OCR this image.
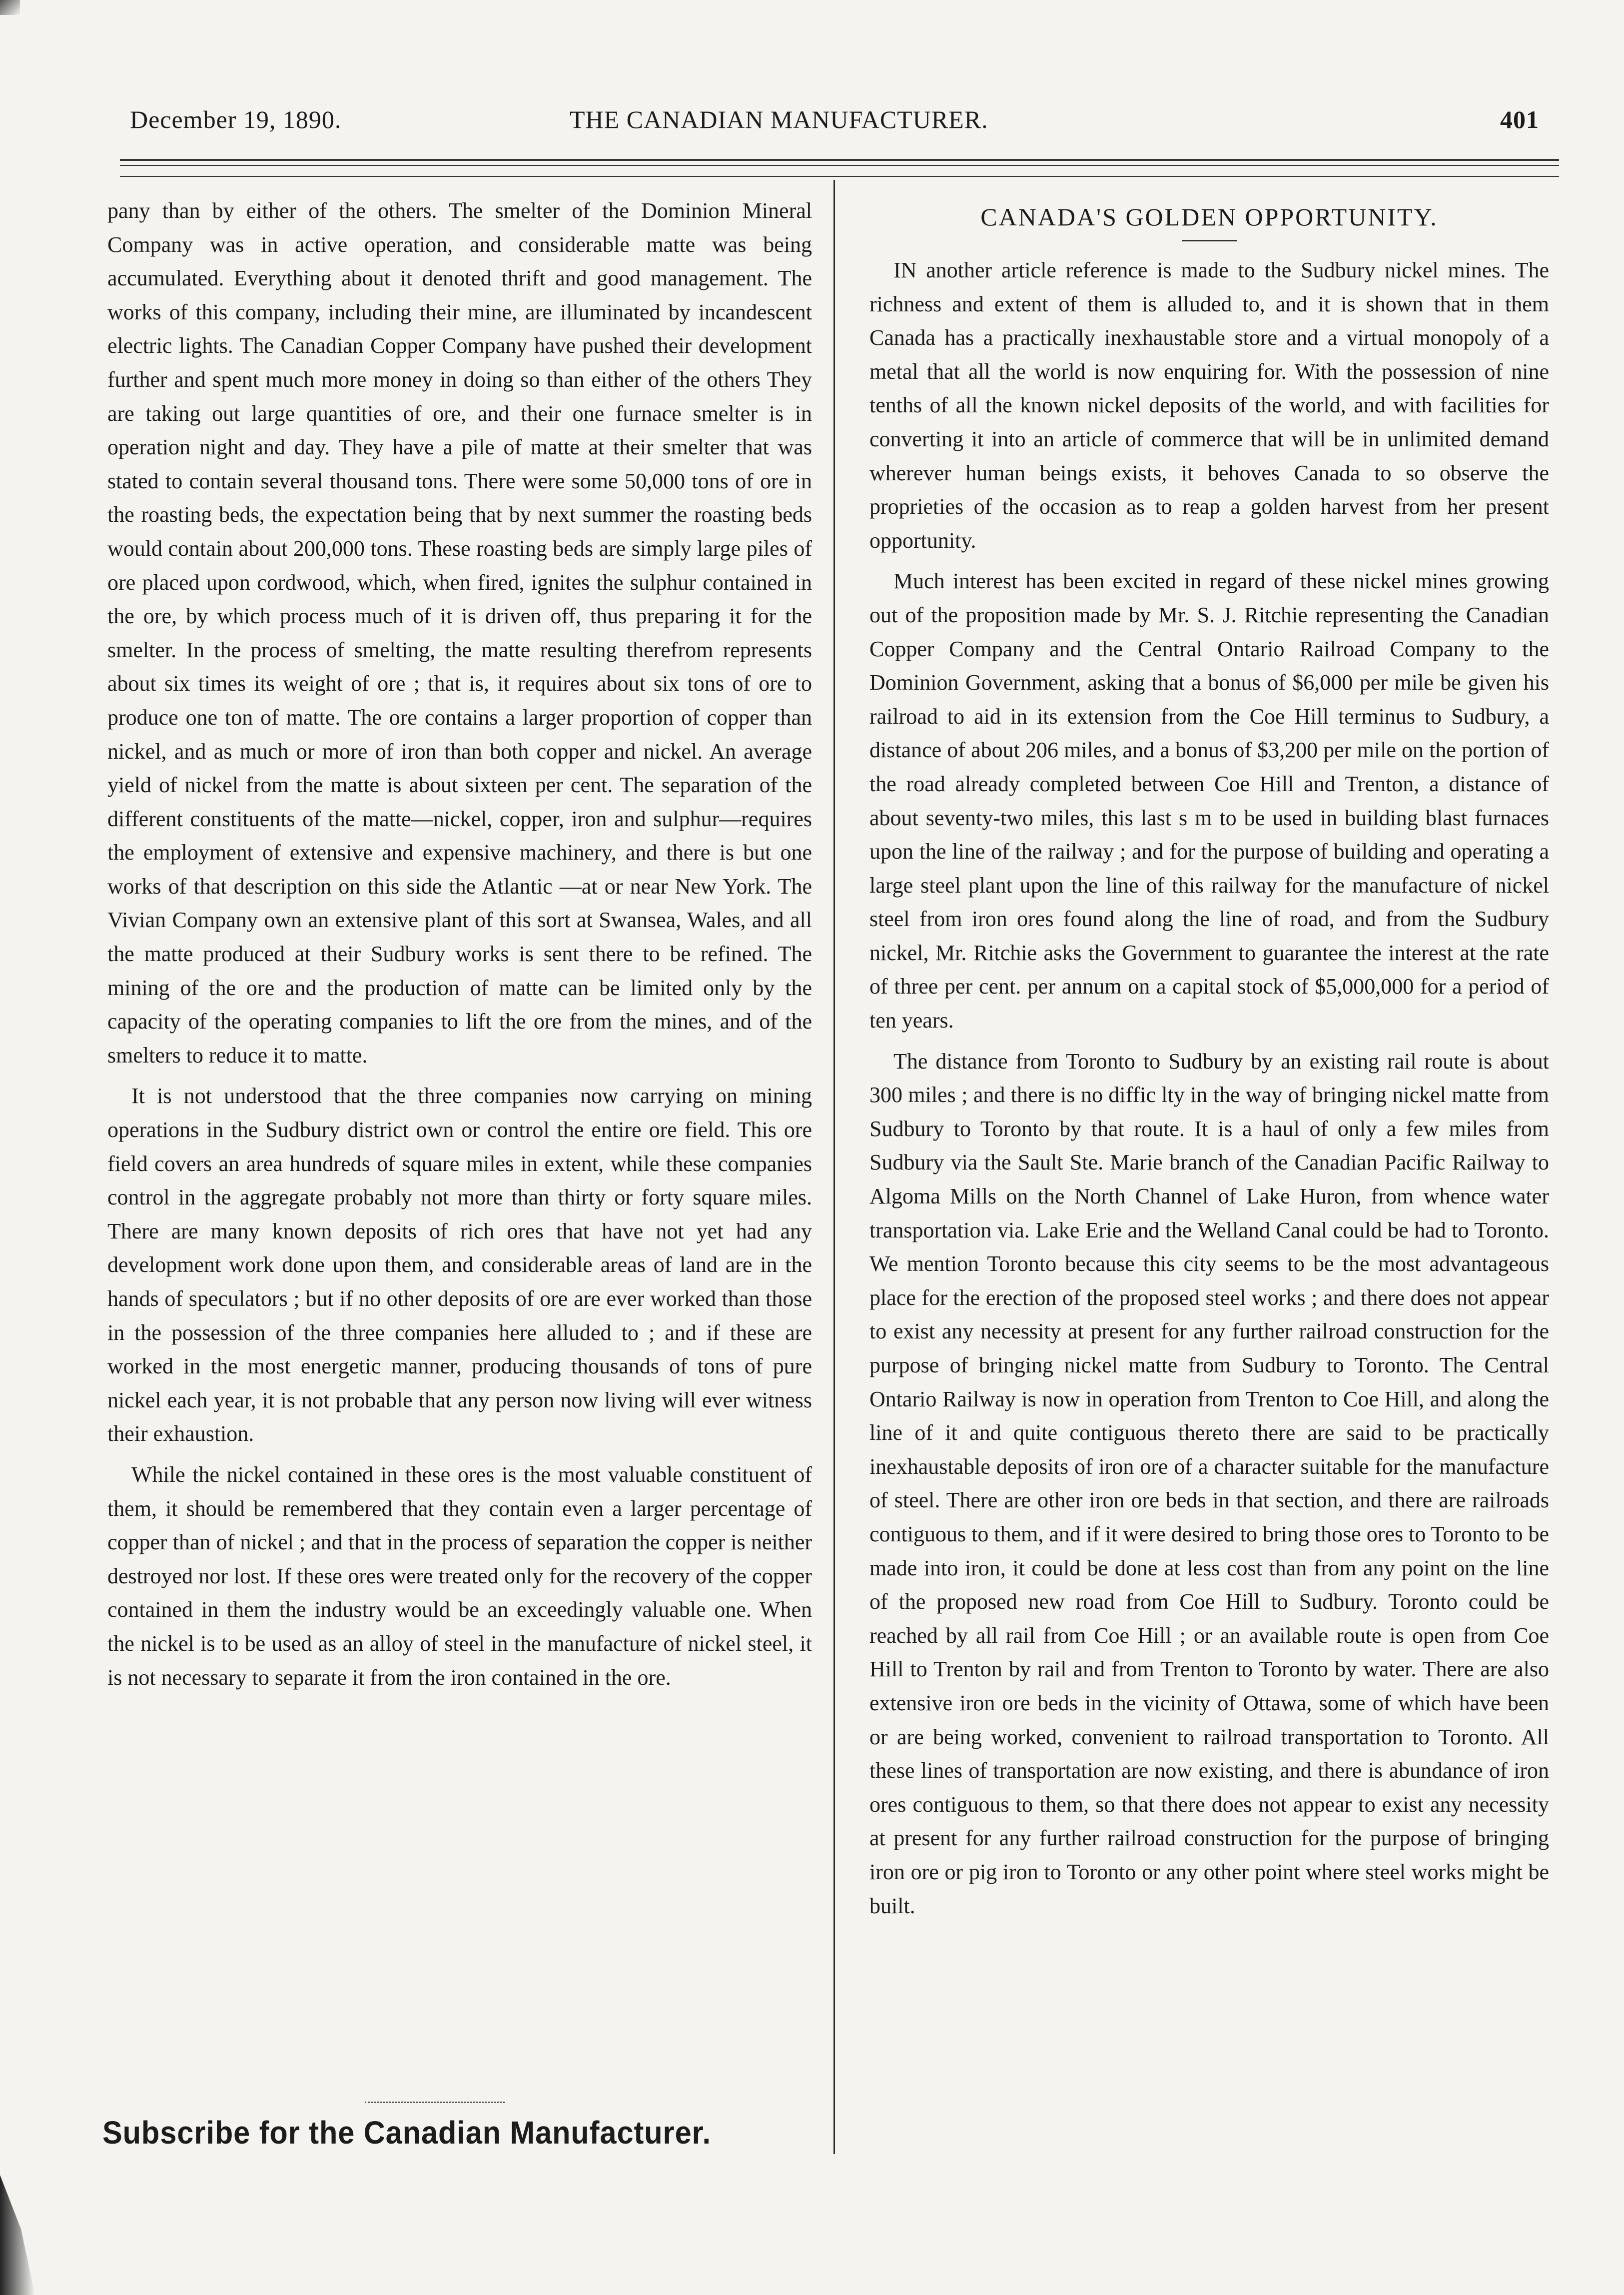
December 19, 1890.	THE CANADIAN MANUFACTURER.	401

pany than by either of the others. The smelter of the Dominion Mineral Company was in active operation, and considerable matte was being accumulated. Everything about it denoted thrift and good management. The works of this company, including their mine, are illuminated by incandescent electric lights. The Canadian Copper Company have pushed their development further and spent much more money in doing so than either of the others They are taking out large quantities of ore, and their one furnace smelter is in operation night and day. They have a pile of matte at their smelter that was stated to contain several thousand tons. There were some 50,000 tons of ore in the roasting beds, the expectation being that by next summer the roasting beds would contain about 200,000 tons. These roasting beds are simply large piles of ore placed upon cordwood, which, when fired, ignites the sulphur contained in the ore, by which process much of it is driven off, thus preparing it for the smelter. In the process of smelting, the matte resulting therefrom represents about six times its weight of ore ; that is, it requires about six tons of ore to produce one ton of matte. The ore contains a larger proportion of copper than nickel, and as much or more of iron than both copper and nickel. An average yield of nickel from the matte is about sixteen per cent. The separation of the different constituents of the matte—nickel, copper, iron and sulphur—requires the employment of extensive and expensive machinery, and there is but one works of that description on this side the Atlantic —at or near New York. The Vivian Company own an extensive plant of this sort at Swansea, Wales, and all the matte produced at their Sudbury works is sent there to be refined. The mining of the ore and the production of matte can be limited only by the capacity of the operating companies to lift the ore from the mines, and of the smelters to reduce it to matte.

It is not understood that the three companies now carrying on mining operations in the Sudbury district own or control the entire ore field. This ore field covers an area hundreds of square miles in extent, while these companies control in the aggregate probably not more than thirty or forty square miles. There are many known deposits of rich ores that have not yet had any development work done upon them, and considerable areas of land are in the hands of speculators ; but if no other deposits of ore are ever worked than those in the possession of the three companies here alluded to ; and if these are worked in the most energetic manner, producing thousands of tons of pure nickel each year, it is not probable that any person now living will ever witness their exhaustion.

While the nickel contained in these ores is the most valuable constituent of them, it should be remembered that they contain even a larger percentage of copper than of nickel ; and that in the process of separation the copper is neither destroyed nor lost. If these ores were treated only for the recovery of the copper contained in them the industry would be an exceedingly valuable one. When the nickel is to be used as an alloy of steel in the manufacture of nickel steel, it is not necessary to separate it from the iron contained in the ore.

CANADA'S GOLDEN OPPORTUNITY.

IN another article reference is made to the Sudbury nickel mines. The richness and extent of them is alluded to, and it is shown that in them Canada has a practically inexhaustable store and a virtual monopoly of a metal that all the world is now enquiring for. With the possession of nine tenths of all the known nickel deposits of the world, and with facilities for converting it into an article of commerce that will be in unlimited demand wherever human beings exists, it behoves Canada to so observe the proprieties of the occasion as to reap a golden harvest from her present opportunity.

Much interest has been excited in regard of these nickel mines growing out of the proposition made by Mr. S. J. Ritchie representing the Canadian Copper Company and the Central Ontario Railroad Company to the Dominion Government, asking that a bonus of $6,000 per mile be given his railroad to aid in its extension from the Coe Hill terminus to Sudbury, a distance of about 206 miles, and a bonus of $3,200 per mile on the portion of the road already completed between Coe Hill and Trenton, a distance of about seventy-two miles, this last s m to be used in building blast furnaces upon the line of the railway ; and for the purpose of building and operating a large steel plant upon the line of this railway for the manufacture of nickel steel from iron ores found along the line of road, and from the Sudbury nickel, Mr. Ritchie asks the Government to guarantee the interest at the rate of three per cent. per annum on a capital stock of $5,000,000 for a period of ten years.

The distance from Toronto to Sudbury by an existing rail route is about 300 miles ; and there is no diffic lty in the way of bringing nickel matte from Sudbury to Toronto by that route. It is a haul of only a few miles from Sudbury via the Sault Ste. Marie branch of the Canadian Pacific Railway to Algoma Mills on the North Channel of Lake Huron, from whence water transportation via. Lake Erie and the Welland Canal could be had to Toronto. We mention Toronto because this city seems to be the most advantageous place for the erection of the proposed steel works ; and there does not appear to exist any necessity at present for any further railroad construction for the purpose of bringing nickel matte from Sudbury to Toronto. The Central Ontario Railway is now in operation from Trenton to Coe Hill, and along the line of it and quite contiguous thereto there are said to be practically inexhaustable deposits of iron ore of a character suitable for the manufacture of steel. There are other iron ore beds in that section, and there are railroads contiguous to them, and if it were desired to bring those ores to Toronto to be made into iron, it could be done at less cost than from any point on the line of the proposed new road from Coe Hill to Sudbury. Toronto could be reached by all rail from Coe Hill ; or an available route is open from Coe Hill to Trenton by rail and from Trenton to Toronto by water. There are also extensive iron ore beds in the vicinity of Ottawa, some of which have been or are being worked, convenient to railroad transportation to Toronto. All these lines of transportation are now existing, and there is abundance of iron ores contiguous to them, so that there does not appear to exist any necessity at present for any further railroad construction for the purpose of bringing iron ore or pig iron to Toronto or any other point where steel works might be built.

Subscribe for the Canadian Manufacturer.
